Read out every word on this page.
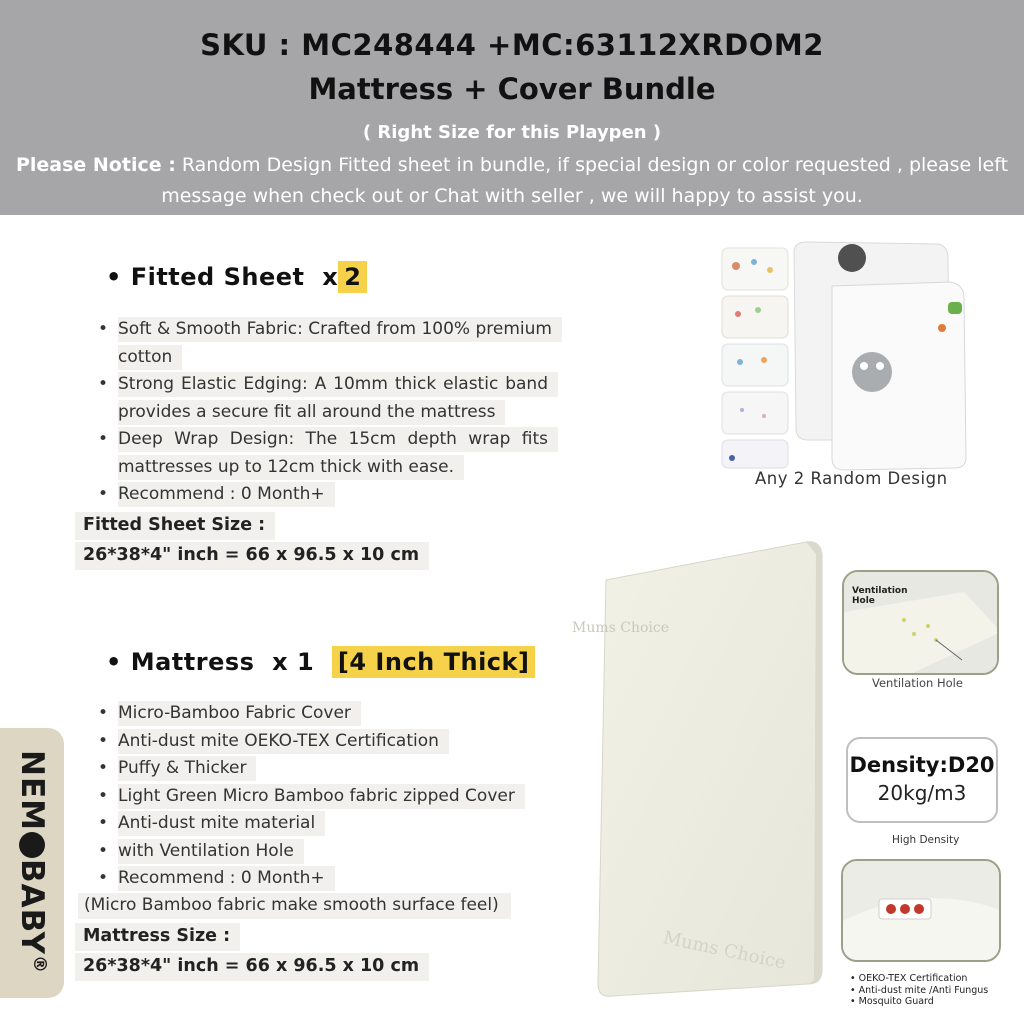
SKU : MC248444 +MC:63112XRDOM2
Mattress + Cover Bundle
( Right Size for this Playpen )
Please Notice : Random Design Fitted sheet in bundle, if special design or color requested , please left message when check out or Chat with seller , we will happy to assist you.
• Fitted Sheet x 2
• Soft & Smooth Fabric: Crafted from 100% premium cotton
• Strong Elastic Edging: A 10mm thick elastic band provides a secure fit all around the mattress
• Deep Wrap Design: The 15cm depth wrap fits mattresses up to 12cm thick with ease.
• Recommend : 0 Month+
Fitted Sheet Size :
26*38*4" inch = 66 x 96.5 x 10 cm
• Mattress x 1 [4 Inch Thick]
• Micro-Bamboo Fabric Cover
• Anti-dust mite OEKO-TEX Certification
• Puffy & Thicker
• Light Green Micro Bamboo fabric zipped Cover
• Anti-dust mite material
• with Ventilation Hole
• Recommend : 0 Month+
(Micro Bamboo fabric make smooth surface feel)
Mattress Size :
26*38*4" inch = 66 x 96.5 x 10 cm
NEMBABY®
Any 2 Random Design
Mums Choice
Mums Choice
Ventilation Hole
Ventilation Hole
Density:D20
20kg/m3
High Density
• OEKO-TEX Certification
• Anti-dust mite /Anti Fungus
• Mosquito Guard
